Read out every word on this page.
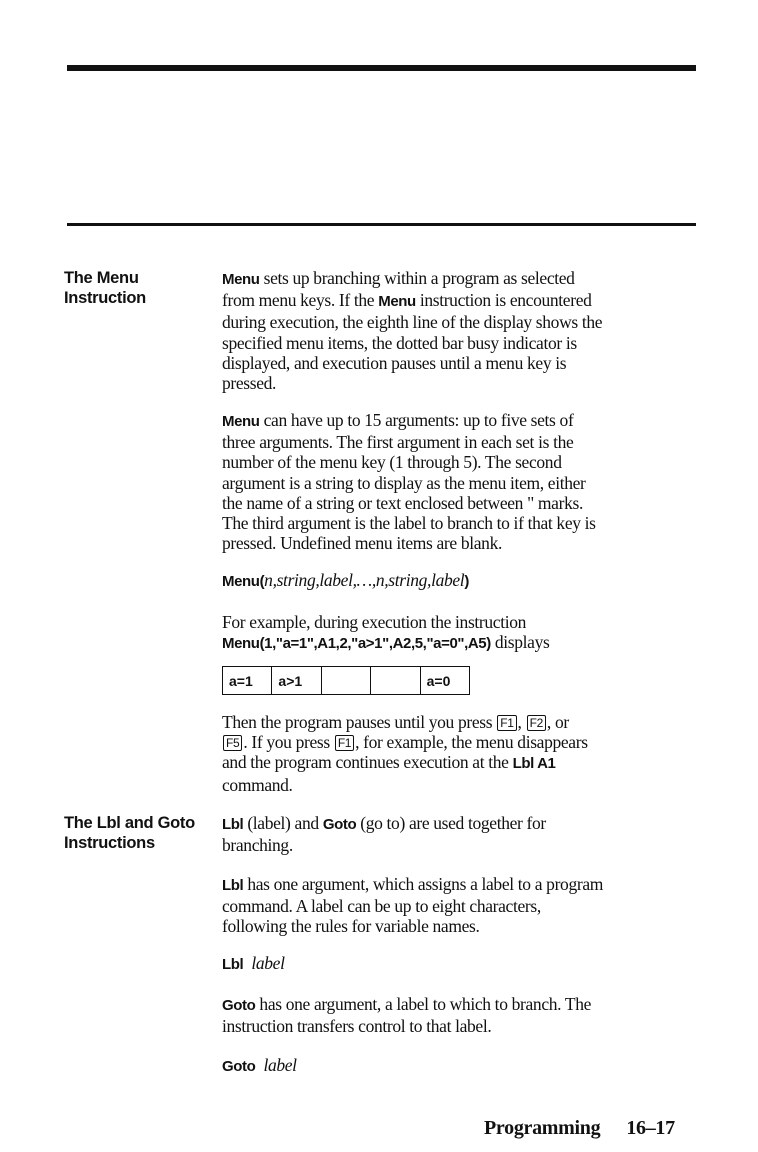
The Menu
Instruction
Menu sets up branching within a program as selected
from menu keys. If the Menu instruction is encountered
during execution, the eighth line of the display shows the
specified menu items, the dotted bar busy indicator is
displayed, and execution pauses until a menu key is
pressed.
Menu can have up to 15 arguments: up to five sets of
three arguments. The first argument in each set is the
number of the menu key (1 through 5). The second
argument is a string to display as the menu item, either
the name of a string or text enclosed between " marks.
The third argument is the label to branch to if that key is
pressed. Undefined menu items are blank.
Menu(n,string,label,…,n,string,label)
For example, during execution the instruction
Menu(1,"a=1",A1,2,"a>1",A2,5,"a=0",A5) displays
a=1	a>1	a=0
Then the program pauses until you press F1 , F2 , or
F5 . If you press F1 , for example, the menu disappears
and the program continues execution at the Lbl A1
command.
The Lbl and Goto
Instructions
Lbl (label) and Goto (go to) are used together for
branching.
Lbl has one argument, which assigns a label to a program
command. A label can be up to eight characters,
following the rules for variable names.
Lbl label
Goto has one argument, a label to which to branch. The
instruction transfers control to that label.
Goto label
Programming 16–17
